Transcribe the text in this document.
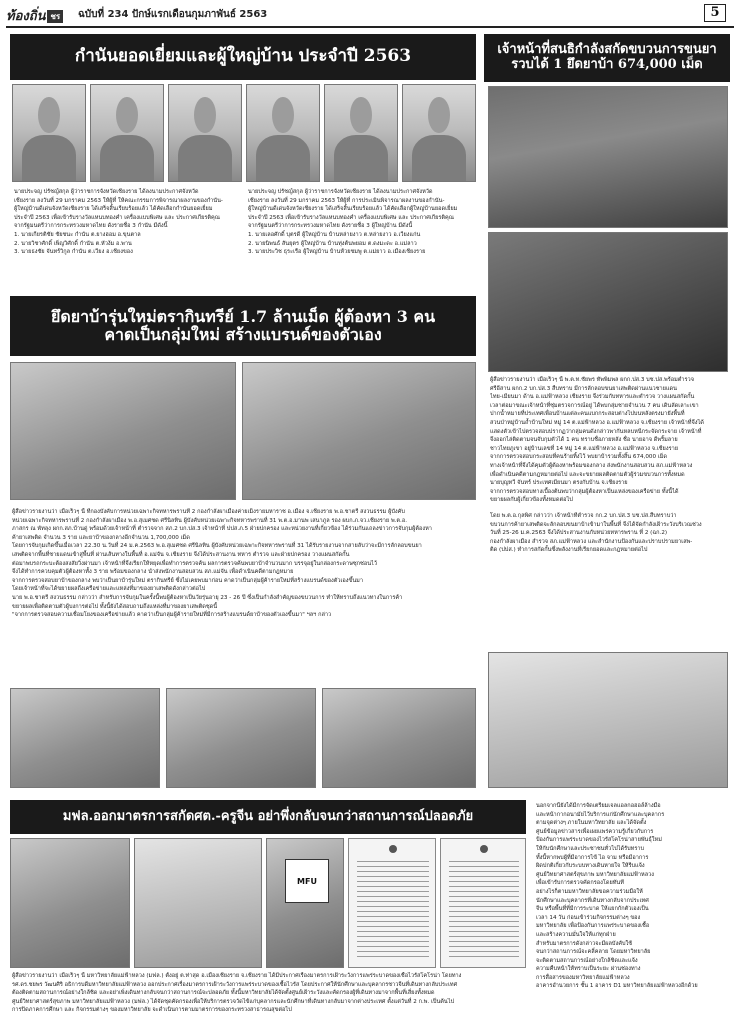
ท้องถิ่น ชร	ฉบับที่ 234 ปักษ์แรกเดือนกุมภาพันธ์ 2563	5
กำนันยอดเยี่ยมและผู้ใหญ่บ้าน ประจำปี 2563

นายประจญ ปรัชญ์สกุล ผู้ว่าราชการจังหวัดเชียงราย ได้ลงนามประกาศจังหวัด

เชียงราย ลงวันที่ 29 มกราคม 2563 ให้ผู้ที่ ให้คณะกรรมการพิจารณาผลงานของกำนัน-

ผู้ใหญ่บ้านดีเด่นจังหวัดเชียงราย ได้เสร็จสิ้นเรียบร้อยแล้ว ได้คัดเลือกกำนันยอดเยี่ยม

ประจำปี 2563 เพื่อเข้ารับรางวัลแหนบทองคำ เครื่องแบบพิเศษ และ ประกาศเกียรติคุณ

จากรัฐมนตรีว่าการกระทรวงมหาดไทย ดังรายชื่อ 3 กำนัน มีดังนี้

1. นายเกียรติชัย ชัยชนะ กำนัน ต.ยางฮอม อ.ขุนตาล

2. นายวิชาศักดิ์ เพ็ญวิศักดิ์ กำนัน ต.หัวง้ม อ.พาน

3. นายธงชัย จันทร์วิกูล กำนัน ต.เวียง อ.เชียงของ

นายประจญ ปรัชญ์สกุล ผู้ว่าราชการจังหวัดเชียงราย ได้ลงนามประกาศจังหวัด

เชียงราย ลงวันที่ 29 มกราคม 2563 ให้ผู้ที่ การประเมินพิจารณาผลงานของกำนัน-

ผู้ใหญ่บ้านดีเด่นจังหวัดเชียงราย ได้เสร็จสิ้นเรียบร้อยแล้ว ได้คัดเลือกผู้ใหญ่บ้านยอดเยี่ยม

ประจำปี 2563 เพื่อเข้ารับรางวัลแหนบทองคำ เครื่องแบบพิเศษ และ ประกาศเกียรติคุณ

จากรัฐมนตรีว่าการกระทรวงมหาดไทย ดังรายชื่อ 3 ผู้ใหญ่บ้าน มีดังนี้

1. นายเลอศักดิ์ บุตรดี ผู้ใหญ่บ้าน บ้านหล่ายงาว ต.หล่ายงาว อ.เวียงแก่น

2. นายนิพนธ์ สันยุตร ผู้ใหญ่บ้าน บ้านทุ่งต้นพยอม ต.ดงมะดะ อ.แม่ลาว

3. นายประวิช ธุระเรือ ผู้ใหญ่บ้าน บ้านห้วยชมพู ต.แม่ยาว อ.เมืองเชียงราย

เจ้าหน้าที่สนธิกำลังสกัดขบวนการขนยา
รวบได้ 1 ยึดยาบ้า 674,000 เม็ด

ผู้สื่อข่าวรายงานว่า เมื่อเร็วๆ นี้ พ.ต.ท.ชัยพร ทัพพิมพล ผกก.ปส.3 บช.ปส.พร้อมตำรวจ

ศรีอีสาน ผกก.2 บก.ปส.3 สืบทราบ มีการลักลอบขนยาเสพติดผ่านแนวชายแดน

ไทย-เมียนมา ด้าน อ.แม่ฟ้าหลวง เชียงราย จึงร่วมกับทหารและตำรวจ วางแผนสกัดกั้น

เวลาต่อมาขณะเจ้าหน้าที่ซุ่มตรวจการณ์อยู่ ได้พบกลุ่มชายจำนวน 7 คน เดินลัดเลาะเขา

ปากน้ำหมายที่ประเทศเพื่อนบ้านแต่ละคนแบกกระสอบต่างไปบนหลังตรงมายังพื้นที่

สวนป่าหมู่บ้านถ้ำบ้านใหม่ หมู่ 14 ต.แม่ฟ้าหลวง อ.แม่ฟ้าหลวง จ.เชียงราย เจ้าหน้าที่จึงได้

แสดงตัวเข้าไปตรวจสอบปรากฏว่ากลุ่มคนดังกล่าวพากันหลบหนีกระจัดกระจาย เจ้าหน้าที่

จึงออกไล่ติดตามจนจับกุมตัวได้ 1 คน ทราบชื่อภายหลัง ชื่อ นายอาจ ดีพริ้มลาย

ชาวไทยภูเขา อยู่บ้านเลขที่ 14 หมู่ 14 ต.แม่ฟ้าหลวง อ.แม่ฟ้าหลวง จ.เชียงราย

จากการตรวจสอบกระสอบที่คนร้ายทิ้งไว้ พบยาบ้ารวมทั้งสิ้น 674,000 เม็ด

ทางเจ้าหน้าที่จึงได้คุมตัวผู้ต้องหาพร้อมของกลาง ส่งพนักงานสอบสวน สภ.แม่ฟ้าหลวง

เพื่อดำเนินคดีตามกฎหมายต่อไป และจะขยายผลติดตามตัวผู้ร่วมขบวนการทั้งหมด

นายบุญทวี จันทร์ ประเทศเมียนมา ตรงกับบ้าน จ.เชียงราย

จากการตรวจสอบทางเบื้องต้นพบว่ากลุ่มผู้ต้องหาเป็นแหล่งของเครือข่าย ทั้งนี้ได้

ขยายผลกับผู้เกี่ยวข้องทั้งหมดต่อไป

โดย พ.ต.อ.กุลพิศ กล่าวว่า เจ้าหน้าที่ตำรวจ กก.2 บก.ปส.3 บช.ปส.สืบทราบว่า

ขบวนการค้ายาเสพติดจะลักลอบขนยาบ้าเข้ามาในพื้นที่ จึงได้จัดกำลังเฝ้าระวังบริเวณช่วง

วันที่ 25-26 ม.ค.2563 จึงได้ประสานงานกับหน่วยทหารพราน ที่ 2 (ฉก.2)

กองกำลังผาเมือง สำรวจ สภ.แม่ฟ้าหลวง และสำนักงานป้องกันและปราบปรามยาเสพ-

ติด (ปปส.) ทำการสกัดกั้นซึ่งพลังงานที่เรียกยอดและกฎหมายต่อไป

ยึดยาบ้ารุ่นใหม่ตรากินทรีย์ 1.7 ล้านเม็ด ผู้ต้องหา 3 คน
คาดเป็นกลุ่มใหม่ สร้างแบรนด์ของตัวเอง

ผู้สื่อข่าวรายงานว่า เมื่อเร็วๆ นี้ ที่กองบังคับการหน่วยเฉพาะกิจทหารพรานที่ 2 กองกำลังผาเมืองค่ายเม็งรายมหาราช อ.เมือง จ.เชียงราย พ.อ.ชาตรี สงวนธรรม ผู้บังคับ

หน่วยเฉพาะกิจทหารพรานที่ 2 กองกำลังผาเมือง พ.อ.สุเมศชด ศรีนิลทิน ผู้บังคับหน่วยเฉพาะกิจทหารพรานที่ 31 พ.ต.อ.มานพ เสนาภูล รอง ผบก.ภ.จว.เชียงราย พ.ต.อ.

ภาสกร ณ พัทลุง ผกก.สภ.บ้านดู่ พร้อมด้วยเจ้าหน้าที่ ตำรวจจาก สภ.2 บก.ปส.3 เจ้าหน้าที่ ปปส.ภ.5 ฝ่ายปกครอง และหน่วยงานที่เกี่ยวข้อง ได้ร่วมกันแถลงข่าวการจับกุมผู้ต้องหา

ค้ายาเสพติด จำนวน 3 ราย และยาบ้าของกลางอีกจำนวน 1,700,000 เม็ด

โดยการจับกุมเกิดขึ้นเมื่อเวลา 22.30 น.วันที่ 24 ม.ค.2563 พ.อ.สุเมศชด ศรีนิลทิน ผู้บังคับหน่วยเฉพาะกิจทหารพรานที่ 31 ได้รับรายงานจากสายลับว่าจะมีการลักลอบขนยา

เสพติดจากพื้นที่ชายแดนเข้าสู่พื้นที่ ผ่านเส้นทางในพื้นที่ อ.แม่จัน จ.เชียงราย จึงได้ประสานงาน ทหาร ตำรวจ และฝ่ายปกครอง วางแผนสกัดกั้น

ต่อมาพบรถกระบะต้องสงสัยวิ่งผ่านมา เจ้าหน้าที่จึงเรียกให้หยุดเพื่อทำการตรวจค้น ผลการตรวจค้นพบยาบ้าจำนวนมาก บรรจุอยู่ในกล่องกระดาษซุกซ่อนไว้

จึงได้ทำการควบคุมตัวผู้ต้องหาทั้ง 3 ราย พร้อมของกลาง นำส่งพนักงานสอบสวน สภ.แม่จัน เพื่อดำเนินคดีตามกฎหมาย

จากการตรวจสอบยาบ้าของกลาง พบว่าเป็นยาบ้ารุ่นใหม่ ตรากินทรีย์ ซึ่งไม่เคยพบมาก่อน คาดว่าเป็นกลุ่มผู้ค้ารายใหม่ที่สร้างแบรนด์ของตัวเองขึ้นมา

โดยเจ้าหน้าที่จะได้ขยายผลถึงเครือข่ายและแหล่งที่มาของยาเสพติดดังกล่าวต่อไป

นาย พ.อ.ชาตรี สงวนธรรม กล่าวว่า สำหรับการจับกุมในครั้งนี้พบผู้ต้องหาเป็นวัยรุ่นอายุ 23 - 26 ปี ซึ่งเป็นกำลังสำคัญของขบวนการ ทำให้ทราบถึงแนวทางในการค้า

ขยายผลเพื่อติดตามตัวผู้บงการต่อไป ทั้งนี้ยังได้สอบถามถึงแหล่งที่มาของยาเสพติดชุดนี้

"จากการตรวจสอบความเชื่อมโยงของเครือข่ายแล้ว คาดว่าเป็นกลุ่มผู้ค้ารายใหม่ที่มีการสร้างแบรนด์ยาบ้าของตัวเองขึ้นมา" ฯลฯ กล่าว

มฟล.ออกมาตรการสกัดศต.-ครูจีน อย่าพึ่งกลับจนกว่าสถานการณ์ปลอดภัย
MFU

ผู้สื่อข่าวรายงานว่า เมื่อเร็วๆ นี้ มหาวิทยาลัยแม่ฟ้าหลวง (มฟล.) ตั้งอยู่ ต.ท่าสุด อ.เมืองเชียงราย จ.เชียงราย ได้มีประกาศเรื่องมาตรการเฝ้าระวังการแพร่ระบาดของเชื้อไวรัสโคโรน่า โดยทาง

รศ.ดร.ชยพร วัฒนศิริ อธิการบดีมหาวิทยาลัยแม่ฟ้าหลวง ออกประกาศเรื่องมาตรการเฝ้าระวังการแพร่ระบาดของเชื้อไวรัส โดยประกาศให้นักศึกษาและบุคลากรชาวจีนที่เดินทางกลับประเทศ

ต้องติดตามสถานการณ์อย่างใกล้ชิด และอย่าเพิ่งเดินทางกลับจนกว่าสถานการณ์จะปลอดภัย ทั้งนี้มหาวิทยาลัยได้จัดตั้งศูนย์เฝ้าระวังและคัดกรองผู้ที่เดินทางมาจากพื้นที่เสี่ยงทั้งหมด

ศูนย์วิทยาศาสตร์สุขภาพ มหาวิทยาลัยแม่ฟ้าหลวง (มฟล.) ได้จัดชุดคัดกรองเพื่อให้บริการตรวจวัดไข้แก่บุคลากรและนักศึกษาที่เดินทางกลับมาจากต่างประเทศ ตั้งแต่วันที่ 2 ก.พ. เป็นต้นไป

การปิดภาคการศึกษา และ กิจกรรมต่างๆ ของมหาวิทยาลัย จะดำเนินการตามมาตรการของกระทรวงสาธารณสุขต่อไป

นอกจากนี้ยังได้มีการจัดเตรียมเจลแอลกอฮอล์ล้างมือ

และหน้ากากอนามัยไว้บริการแก่นักศึกษาและบุคลากร

ตามจุดต่างๆ ภายในมหาวิทยาลัย และได้จัดตั้ง

ศูนย์ข้อมูลข่าวสารเพื่อเผยแพร่ความรู้เกี่ยวกับการ

ป้องกันการแพร่ระบาดของไวรัสโคโรน่าสายพันธุ์ใหม่

ให้กับนักศึกษาและประชาชนทั่วไปได้รับทราบ

ทั้งนี้หากพบผู้ที่มีอาการไข้ ไอ จาม หรือมีอาการ

ผิดปกติเกี่ยวกับระบบทางเดินหายใจ ให้รีบแจ้ง

ศูนย์วิทยาศาสตร์สุขภาพ มหาวิทยาลัยแม่ฟ้าหลวง

เพื่อเข้ารับการตรวจคัดกรองโดยทันที

อย่างไรก็ตามมหาวิทยาลัยขอความร่วมมือให้

นักศึกษาและบุคลากรที่เดินทางกลับจากประเทศ

จีน หรือพื้นที่ที่มีการระบาด ให้แยกกักตัวเองเป็น

เวลา 14 วัน ก่อนเข้าร่วมกิจกรรมต่างๆ ของ

มหาวิทยาลัย เพื่อป้องกันการแพร่ระบาดของเชื้อ

และสร้างความมั่นใจให้แก่ทุกฝ่าย

สำหรับมาตรการดังกล่าวจะมีผลบังคับใช้

จนกว่าสถานการณ์จะคลี่คลาย โดยมหาวิทยาลัย

จะติดตามสถานการณ์อย่างใกล้ชิดและแจ้ง

ความคืบหน้าให้ทราบเป็นระยะ ผ่านช่องทาง

การสื่อสารของมหาวิทยาลัยแม่ฟ้าหลวง

อาคารอำนวยการ ชั้น 1 อาคาร D1 มหาวิทยาลัยแม่ฟ้าหลวงอีกด้วย
